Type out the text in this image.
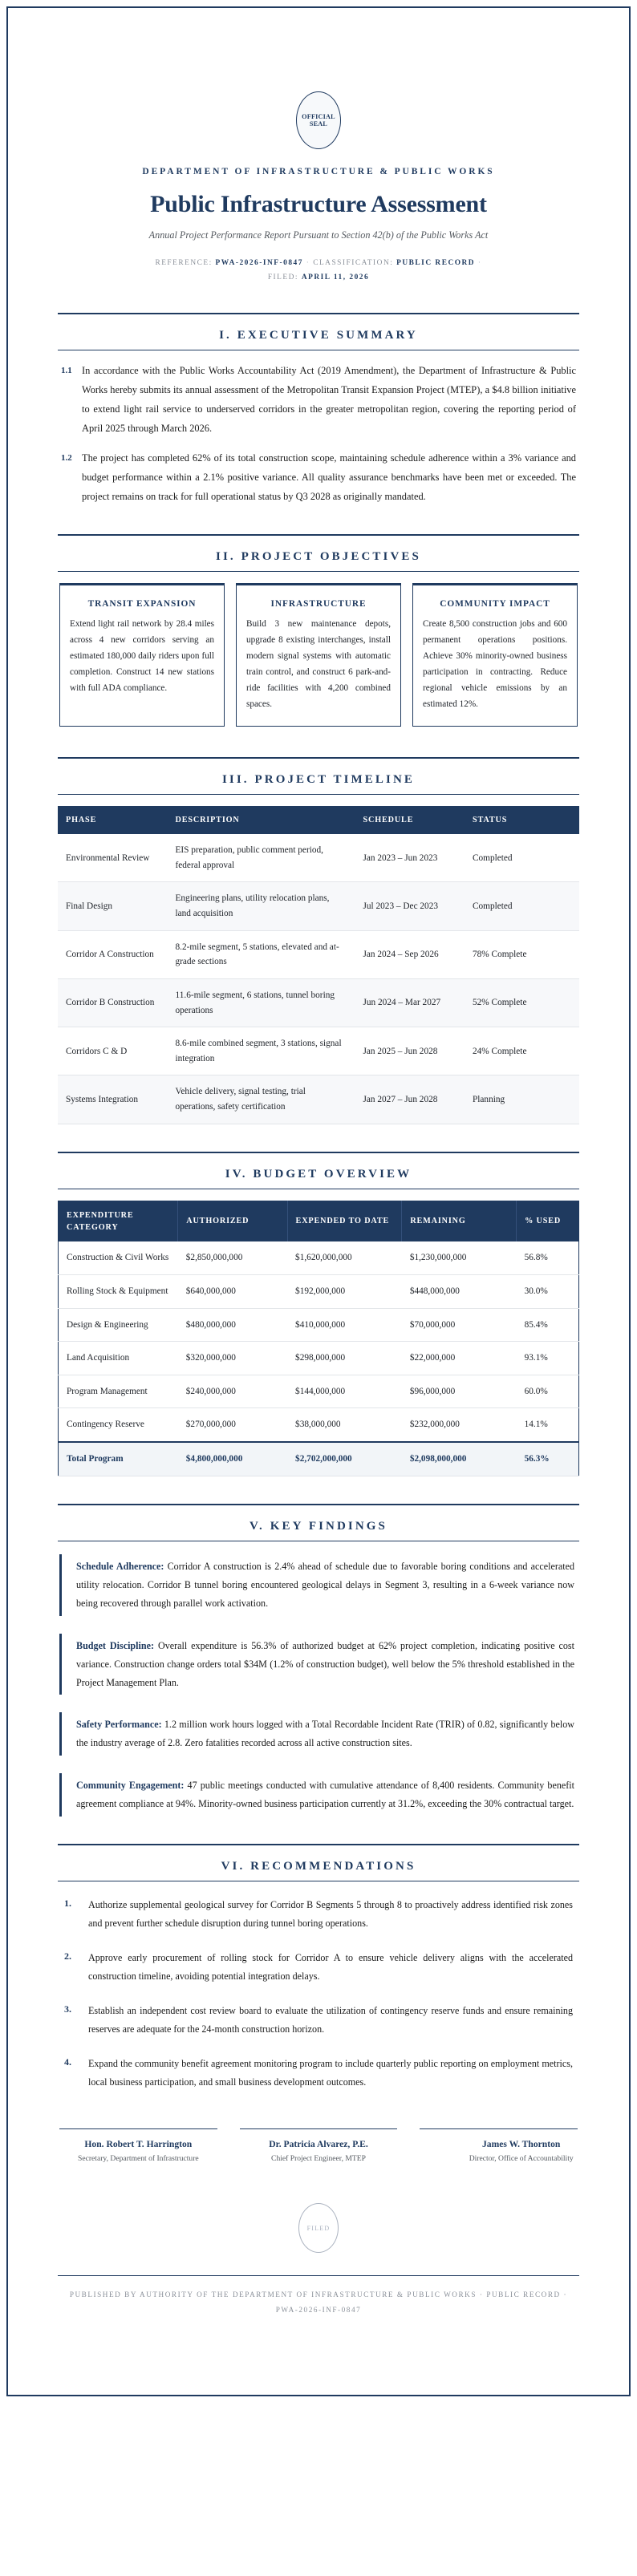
OFFICIAL
SEAL
DEPARTMENT OF INFRASTRUCTURE & PUBLIC WORKS
Public Infrastructure Assessment
Annual Project Performance Report Pursuant to Section 42(b) of the Public Works Act
REFERENCE: PWA-2026-INF-0847 · CLASSIFICATION: PUBLIC RECORD · FILED: APRIL 11, 2026
I. EXECUTIVE SUMMARY
1.1 In accordance with the Public Works Accountability Act (2019 Amendment), the Department of Infrastructure & Public Works hereby submits its annual assessment of the Metropolitan Transit Expansion Project (MTEP), a $4.8 billion initiative to extend light rail service to underserved corridors in the greater metropolitan region, covering the reporting period of April 2025 through March 2026.
1.2 The project has completed 62% of its total construction scope, maintaining schedule adherence within a 3% variance and budget performance within a 2.1% positive variance. All quality assurance benchmarks have been met or exceeded. The project remains on track for full operational status by Q3 2028 as originally mandated.
II. PROJECT OBJECTIVES
TRANSIT EXPANSION
Extend light rail network by 28.4 miles across 4 new corridors serving an estimated 180,000 daily riders upon full completion. Construct 14 new stations with full ADA compliance.
INFRASTRUCTURE
Build 3 new maintenance depots, upgrade 8 existing interchanges, install modern signal systems with automatic train control, and construct 6 park-and-ride facilities with 4,200 combined spaces.
COMMUNITY IMPACT
Create 8,500 construction jobs and 600 permanent operations positions. Achieve 30% minority-owned business participation in contracting. Reduce regional vehicle emissions by an estimated 12%.
III. PROJECT TIMELINE
PHASE	DESCRIPTION	SCHEDULE	STATUS
Environmental Review	EIS preparation, public comment period, federal approval	Jan 2023 – Jun 2023	Completed
Final Design	Engineering plans, utility relocation plans, land acquisition	Jul 2023 – Dec 2023	Completed
Corridor A Construction	8.2-mile segment, 5 stations, elevated and at-grade sections	Jan 2024 – Sep 2026	78% Complete
Corridor B Construction	11.6-mile segment, 6 stations, tunnel boring operations	Jun 2024 – Mar 2027	52% Complete
Corridors C & D	8.6-mile combined segment, 3 stations, signal integration	Jan 2025 – Jun 2028	24% Complete
Systems Integration	Vehicle delivery, signal testing, trial operations, safety certification	Jan 2027 – Jun 2028	Planning
IV. BUDGET OVERVIEW
EXPENDITURE CATEGORY	AUTHORIZED	EXPENDED TO DATE	REMAINING	% USED
Construction & Civil Works	$2,850,000,000	$1,620,000,000	$1,230,000,000	56.8%
Rolling Stock & Equipment	$640,000,000	$192,000,000	$448,000,000	30.0%
Design & Engineering	$480,000,000	$410,000,000	$70,000,000	85.4%
Land Acquisition	$320,000,000	$298,000,000	$22,000,000	93.1%
Program Management	$240,000,000	$144,000,000	$96,000,000	60.0%
Contingency Reserve	$270,000,000	$38,000,000	$232,000,000	14.1%
Total Program	$4,800,000,000	$2,702,000,000	$2,098,000,000	56.3%
V. KEY FINDINGS
Schedule Adherence: Corridor A construction is 2.4% ahead of schedule due to favorable boring conditions and accelerated utility relocation. Corridor B tunnel boring encountered geological delays in Segment 3, resulting in a 6-week variance now being recovered through parallel work activation.
Budget Discipline: Overall expenditure is 56.3% of authorized budget at 62% project completion, indicating positive cost variance. Construction change orders total $34M (1.2% of construction budget), well below the 5% threshold established in the Project Management Plan.
Safety Performance: 1.2 million work hours logged with a Total Recordable Incident Rate (TRIR) of 0.82, significantly below the industry average of 2.8. Zero fatalities recorded across all active construction sites.
Community Engagement: 47 public meetings conducted with cumulative attendance of 8,400 residents. Community benefit agreement compliance at 94%. Minority-owned business participation currently at 31.2%, exceeding the 30% contractual target.
VI. RECOMMENDATIONS
1.	Authorize supplemental geological survey for Corridor B Segments 5 through 8 to proactively address identified risk zones and prevent further schedule disruption during tunnel boring operations.
2.	Approve early procurement of rolling stock for Corridor A to ensure vehicle delivery aligns with the accelerated construction timeline, avoiding potential integration delays.
3.	Establish an independent cost review board to evaluate the utilization of contingency reserve funds and ensure remaining reserves are adequate for the 24-month construction horizon.
4.	Expand the community benefit agreement monitoring program to include quarterly public reporting on employment metrics, local business participation, and small business development outcomes.
Hon. Robert T. Harrington
Secretary, Department of Infrastructure
Dr. Patricia Alvarez, P.E.
Chief Project Engineer, MTEP
James W. Thornton
Director, Office of Accountability
FILED
PUBLISHED BY AUTHORITY OF THE DEPARTMENT OF INFRASTRUCTURE & PUBLIC WORKS · PUBLIC RECORD · PWA-2026-INF-0847
